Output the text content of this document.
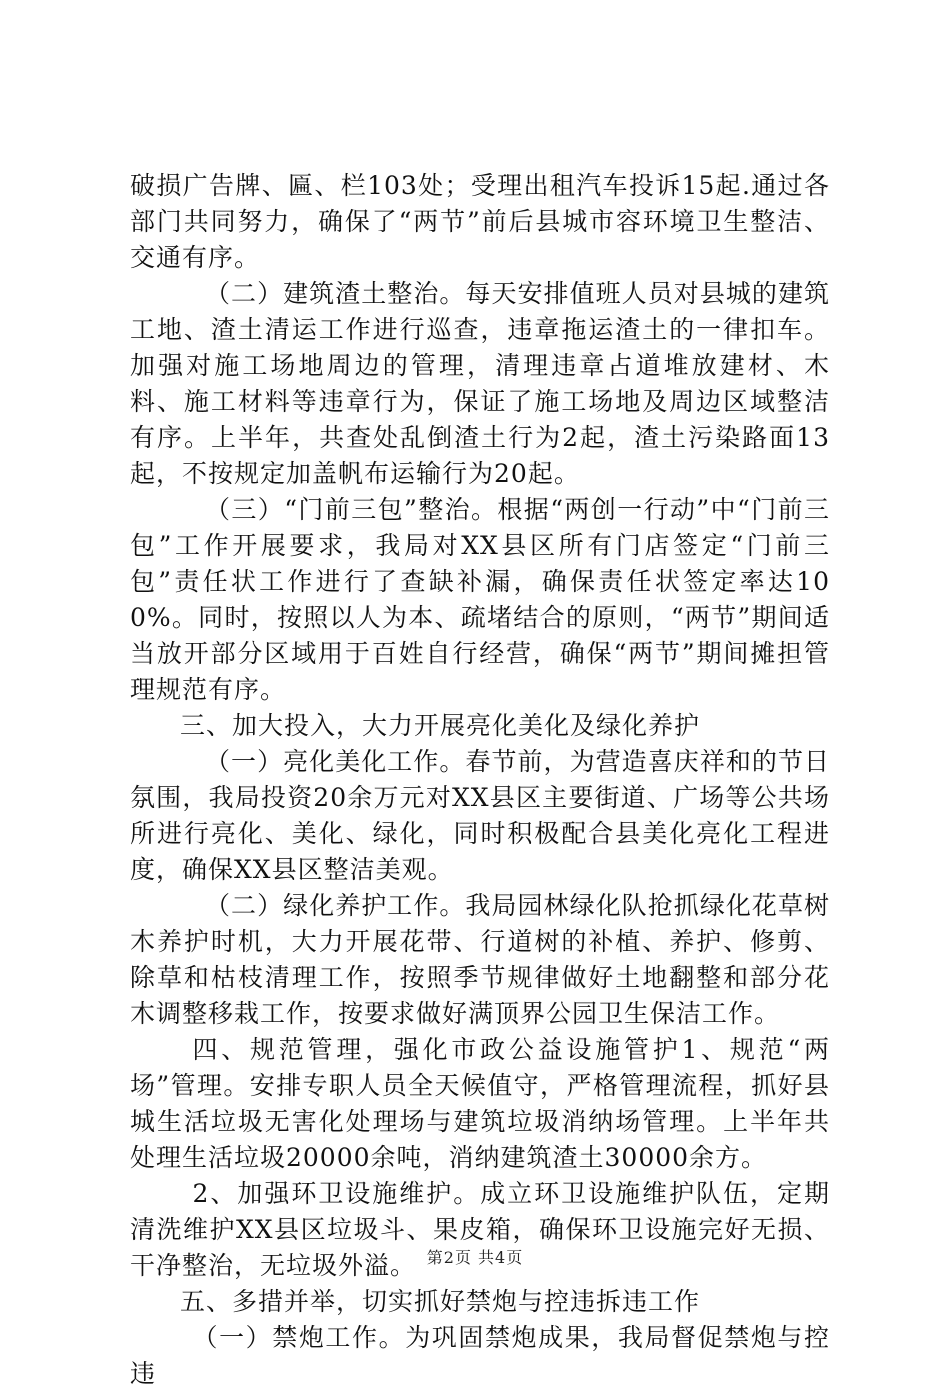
破损广告牌、匾、栏103处；受理出租汽车投诉15起.通过各部门共同努力，确保了“两节”前后县城市容环境卫生整洁、交通有序。

（二）建筑渣土整治。每天安排值班人员对县城的建筑工地、渣土清运工作进行巡查，违章拖运渣土的一律扣车。加强对施工场地周边的管理，清理违章占道堆放建材、木料、施工材料等违章行为，保证了施工场地及周边区域整洁有序。上半年，共查处乱倒渣土行为2起，渣土污染路面13起，不按规定加盖帆布运输行为20起。

（三）“门前三包”整治。根据“两创一行动”中“门前三包”工作开展要求，我局对XX县区所有门店签定“门前三包”责任状工作进行了查缺补漏，确保责任状签定率达100%。同时，按照以人为本、疏堵结合的原则，“两节”期间适当放开部分区域用于百姓自行经营，确保“两节”期间摊担管理规范有序。

三、加大投入，大力开展亮化美化及绿化养护

（一）亮化美化工作。春节前，为营造喜庆祥和的节日氛围，我局投资20余万元对XX县区主要街道、广场等公共场所进行亮化、美化、绿化，同时积极配合县美化亮化工程进度，确保XX县区整洁美观。

（二）绿化养护工作。我局园林绿化队抢抓绿化花草树木养护时机，大力开展花带、行道树的补植、养护、修剪、除草和枯枝清理工作，按照季节规律做好土地翻整和部分花木调整移栽工作，按要求做好满顶界公园卫生保洁工作。

四、规范管理，强化市政公益设施管护1、规范“两场”管理。安排专职人员全天候值守，严格管理流程，抓好县城生活垃圾无害化处理场与建筑垃圾消纳场管理。上半年共处理生活垃圾20000余吨，消纳建筑渣土30000余方。

2、加强环卫设施维护。成立环卫设施维护队伍，定期清洗维护XX县区垃圾斗、果皮箱，确保环卫设施完好无损、干净整治，无垃圾外溢。

五、多措并举，切实抓好禁炮与控违拆违工作

（一）禁炮工作。为巩固禁炮成果，我局督促禁炮与控违

第2页 共4页
